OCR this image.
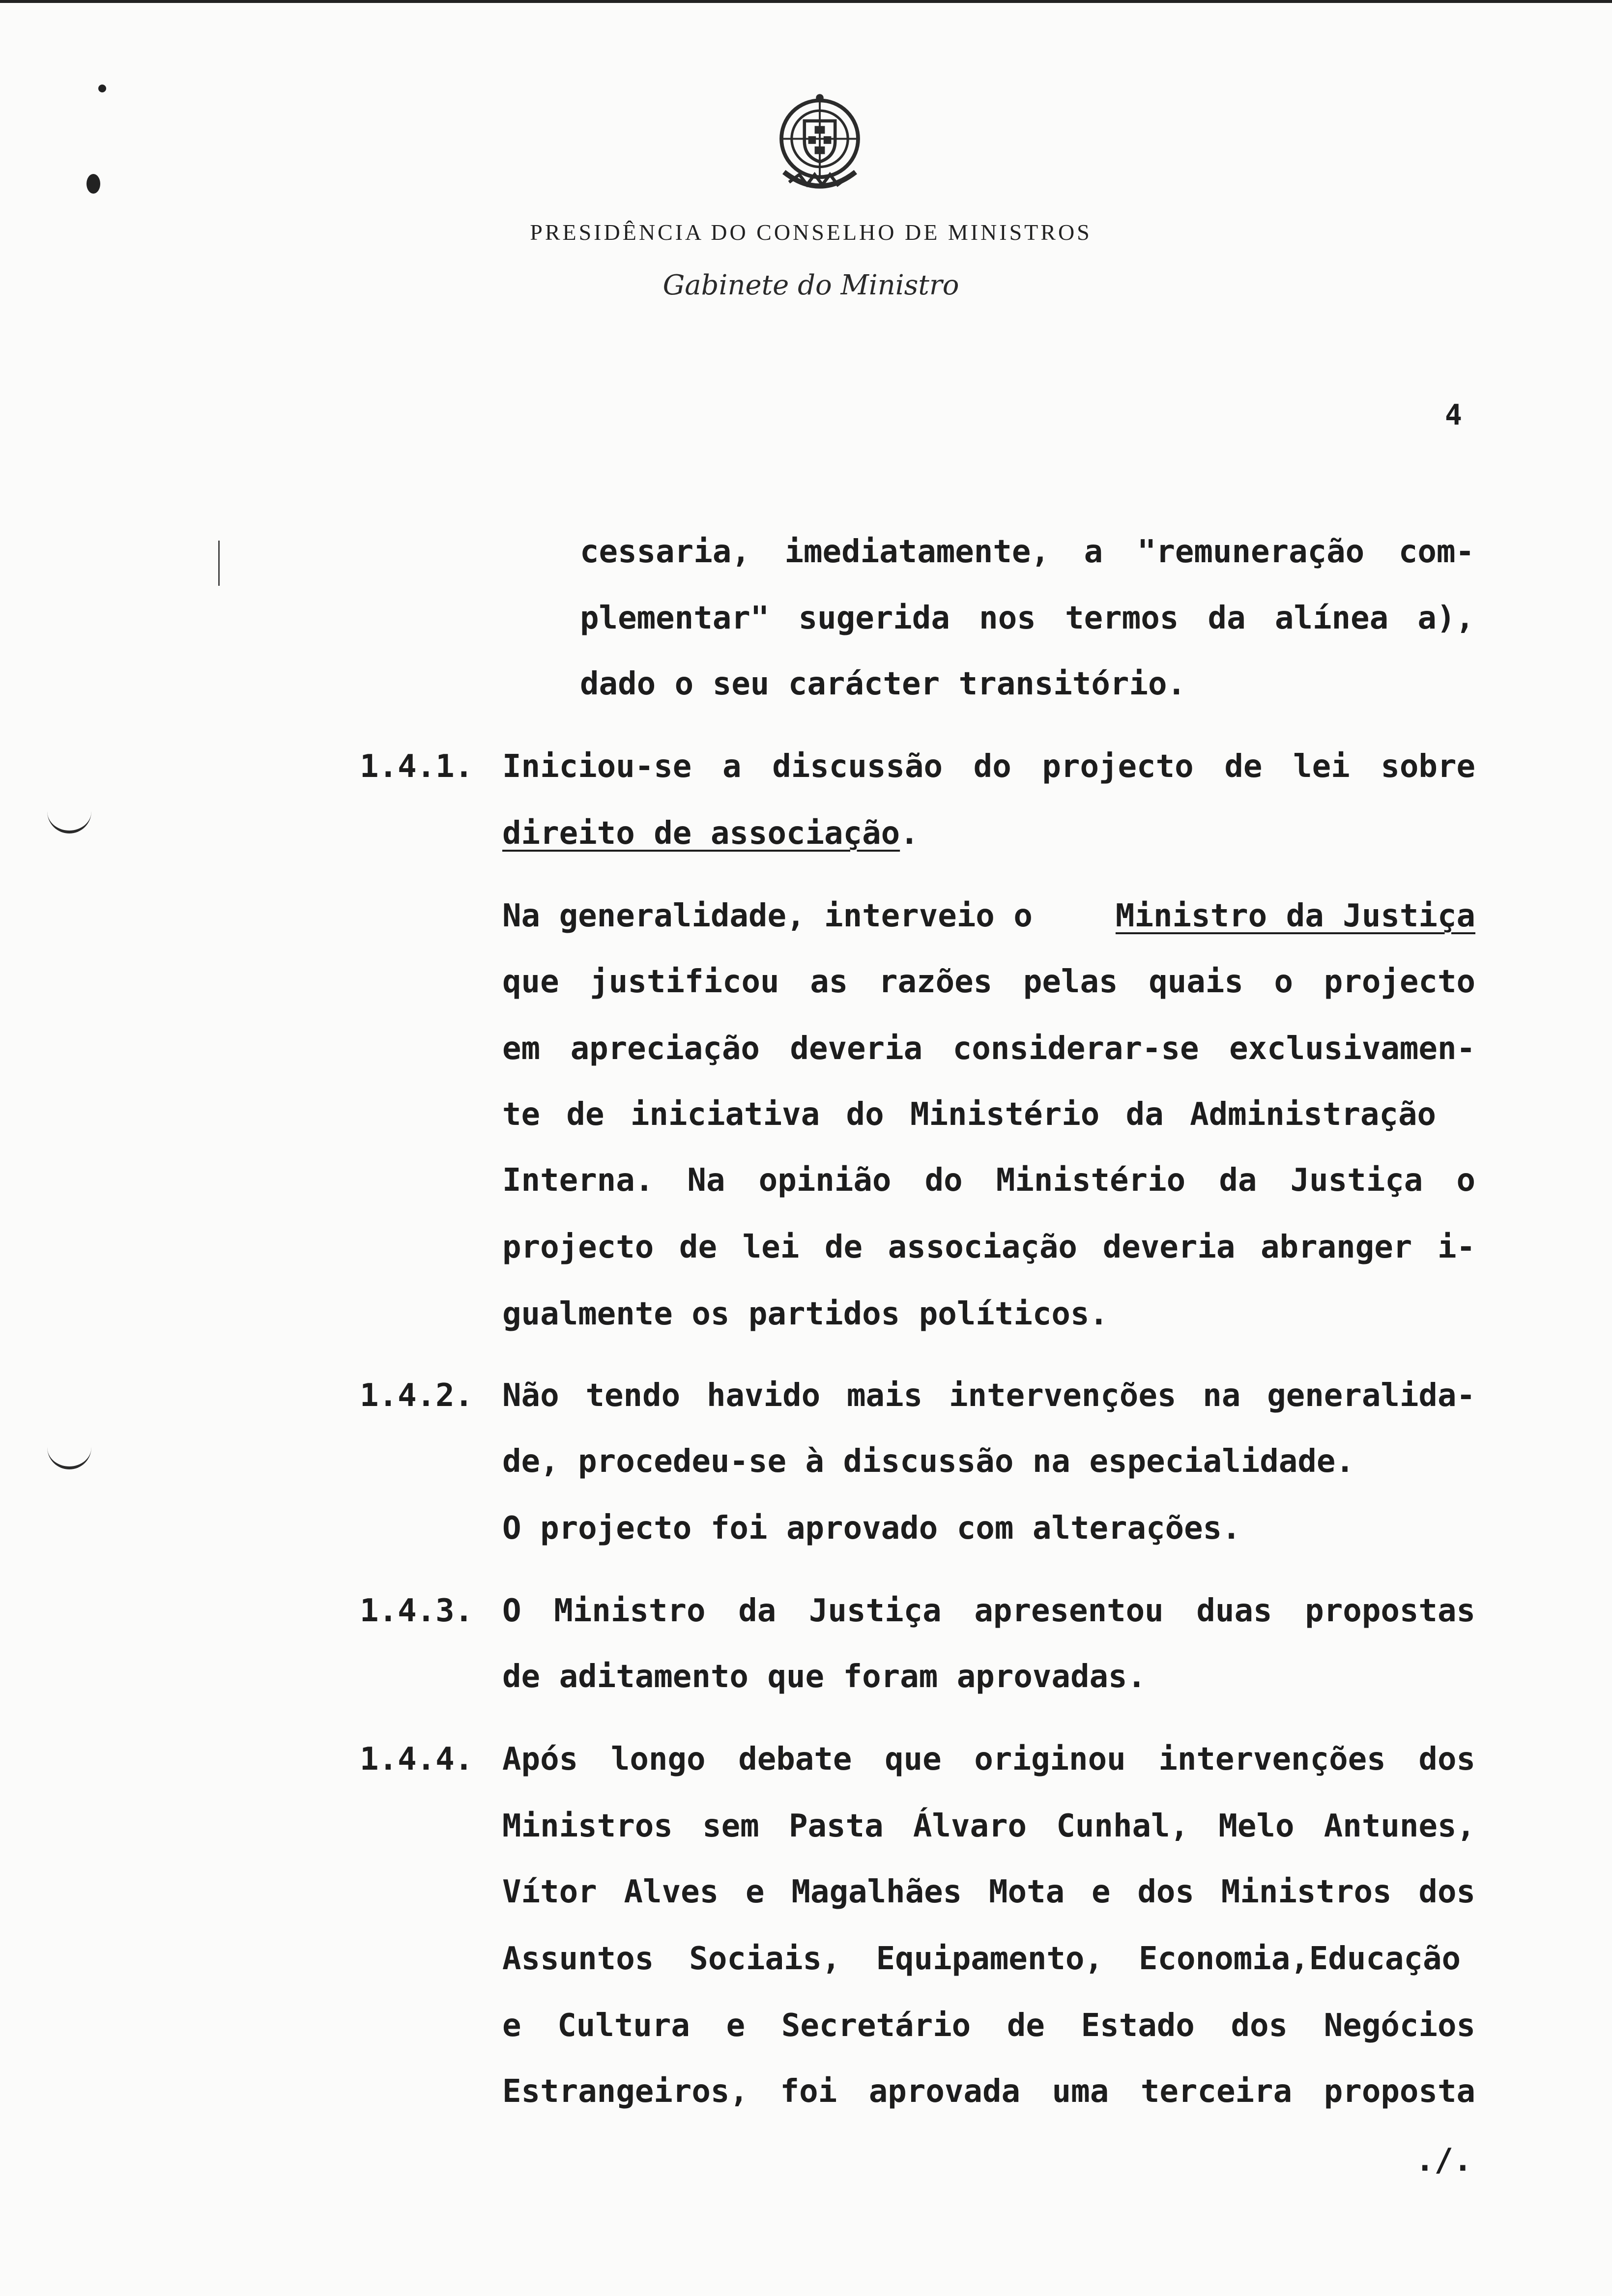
PRESIDÊNCIA DO CONSELHO DE MINISTROS
Gabinete do Ministro
4
cessaria, imediatamente, a "remuneração com-
plementar" sugerida nos termos da alínea a),
dado o seu carácter transitório.
1.4.1. Iniciou-se a discussão do projecto de lei sobre
direito de associação.
Na generalidade, interveio o Ministro da Justiça
que justificou as razões pelas quais o projecto
em apreciação deveria considerar-se exclusivamen-
te de iniciativa do Ministério da Administração
Interna. Na opinião do Ministério da Justiça o
projecto de lei de associação deveria abranger i-
gualmente os partidos políticos.
1.4.2. Não tendo havido mais intervenções na generalida-
de, procedeu-se à discussão na especialidade.
O projecto foi aprovado com alterações.
1.4.3. O Ministro da Justiça apresentou duas propostas
de aditamento que foram aprovadas.
1.4.4. Após longo debate que originou intervenções dos
Ministros sem Pasta Álvaro Cunhal, Melo Antunes,
Vítor Alves e Magalhães Mota e dos Ministros dos
Assuntos Sociais, Equipamento, Economia,Educação
e Cultura e Secretário de Estado dos Negócios
Estrangeiros, foi aprovada uma terceira proposta
./.
